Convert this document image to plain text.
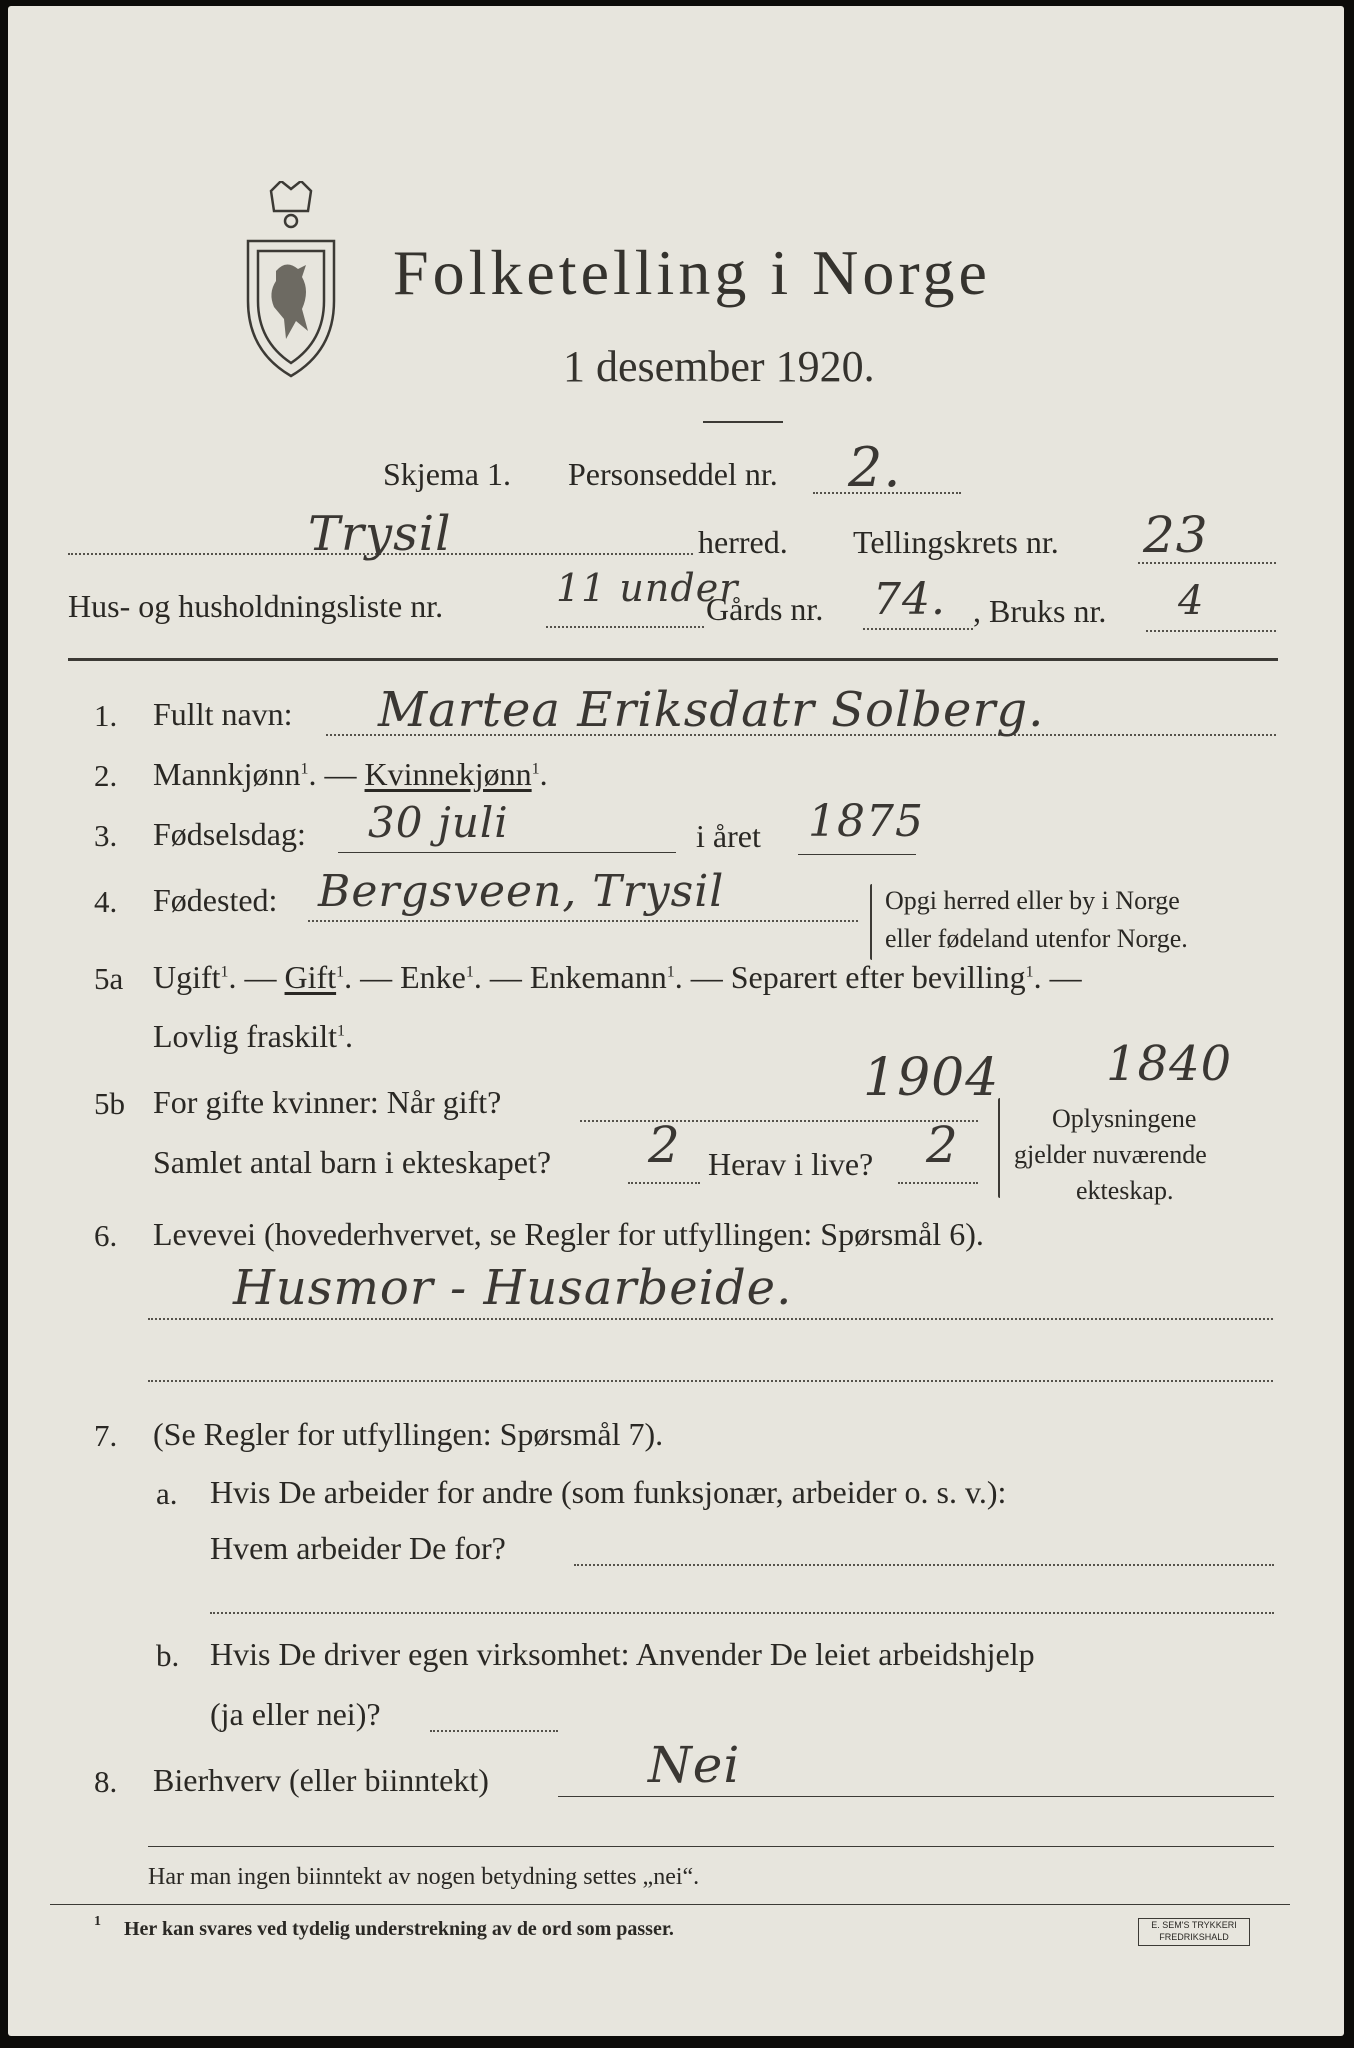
Folketelling i Norge
1 desember 1920.
Skjema 1. Personseddel nr. 2.
Trysil	herred. Tellingskrets nr. 23
Hus- og husholdningsliste nr.	11 under
Gårds nr. 74. , Bruks nr. 4
1. Fullt navn: Martea Eriksdatr Solberg.
2. Mannkjønn$^1$. — Kvinnekjønn$^1$.
3. Fødselsdag: 30 juli	i året 1875
4. Fødested: Bergsveen, Trysil	Opgi herred eller by i Norge
eller fødeland utenfor Norge.
5a Ugift$^1$. — Gift$^1$. — Enke$^1$. — Enkemann$^1$. — Separert efter bevilling$^1$. —
Lovlig fraskilt$^1$.
5b For gifte kvinner: Når gift?	1904 1840
Samlet antal barn i ekteskapet? 2 Herav i live? 2	Oplysningene
gjelder nuværende
ekteskap.
6. Levevei (hovederhvervet, se Regler for utfyllingen: Spørsmål 6).
Husmor - Husarbeide.
7. (Se Regler for utfyllingen: Spørsmål 7).
a. Hvis De arbeider for andre (som funksjonær, arbeider o. s. v.):
Hvem arbeider De for?
b. Hvis De driver egen virksomhet: Anvender De leiet arbeidshjelp
(ja eller nei)?
8. Bierhverv (eller biinntekt)	Nei
Har man ingen biinntekt av nogen betydning settes „nei“.
1 Her kan svares ved tydelig understrekning av de ord som passer.	E. SEM'S TRYKKERI FREDRIKSHALD
